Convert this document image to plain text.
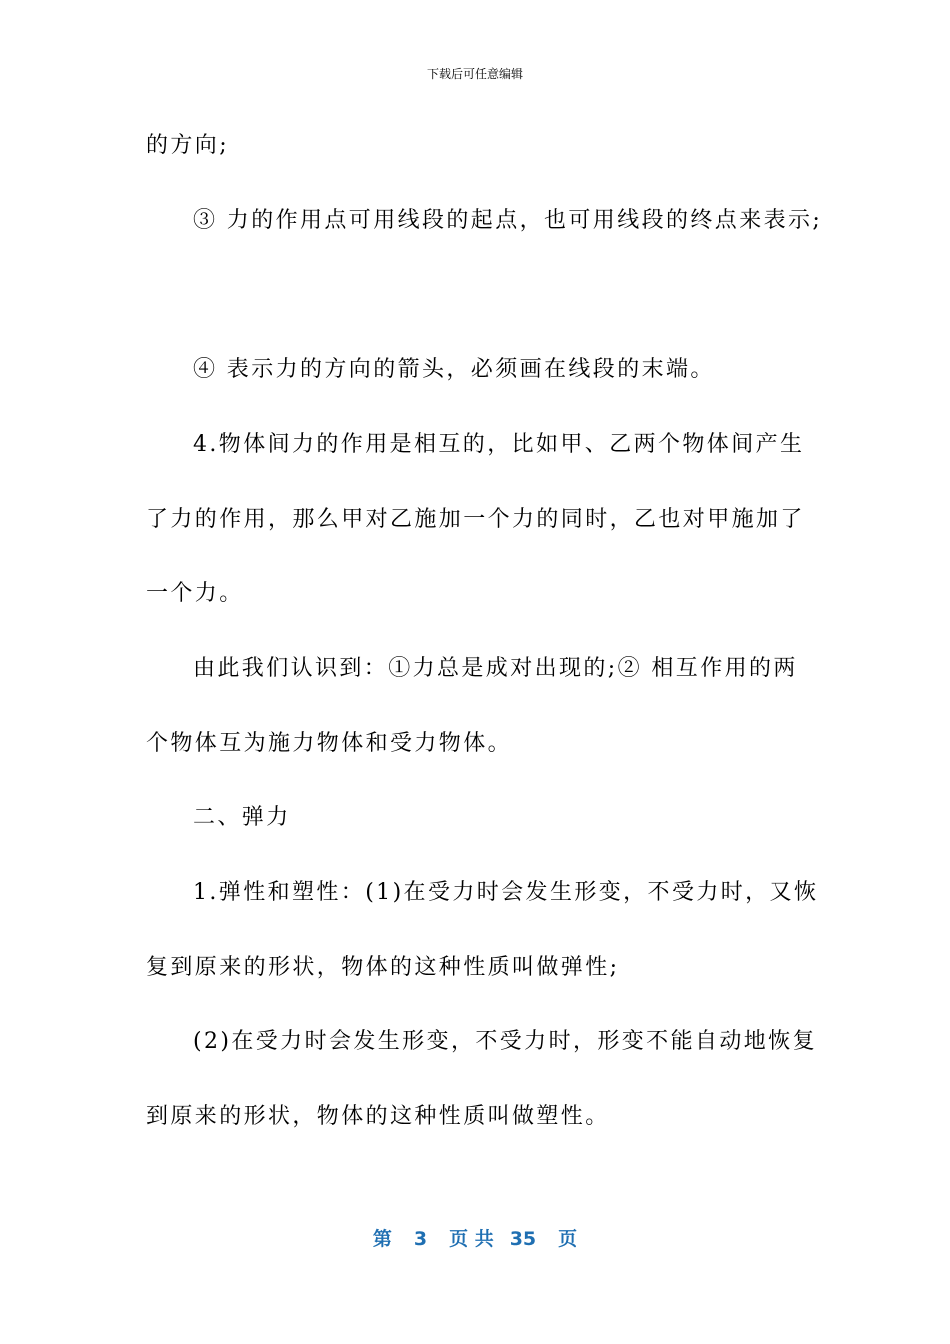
下载后可任意编辑
的方向;
③ 力的作用点可用线段的起点，也可用线段的终点来表示;
④ 表示力的方向的箭头，必须画在线段的末端。
4.物体间力的作用是相互的，比如甲、乙两个物体间产生
了力的作用，那么甲对乙施加一个力的同时，乙也对甲施加了
一个力。
由此我们认识到：①力总是成对出现的;② 相互作用的两
个物体互为施力物体和受力物体。
二、弹力
1.弹性和塑性：(1)在受力时会发生形变，不受力时，又恢
复到原来的形状，物体的这种性质叫做弹性;
(2)在受力时会发生形变，不受力时，形变不能自动地恢复
到原来的形状，物体的这种性质叫做塑性。
第 3 页 共 35 页
